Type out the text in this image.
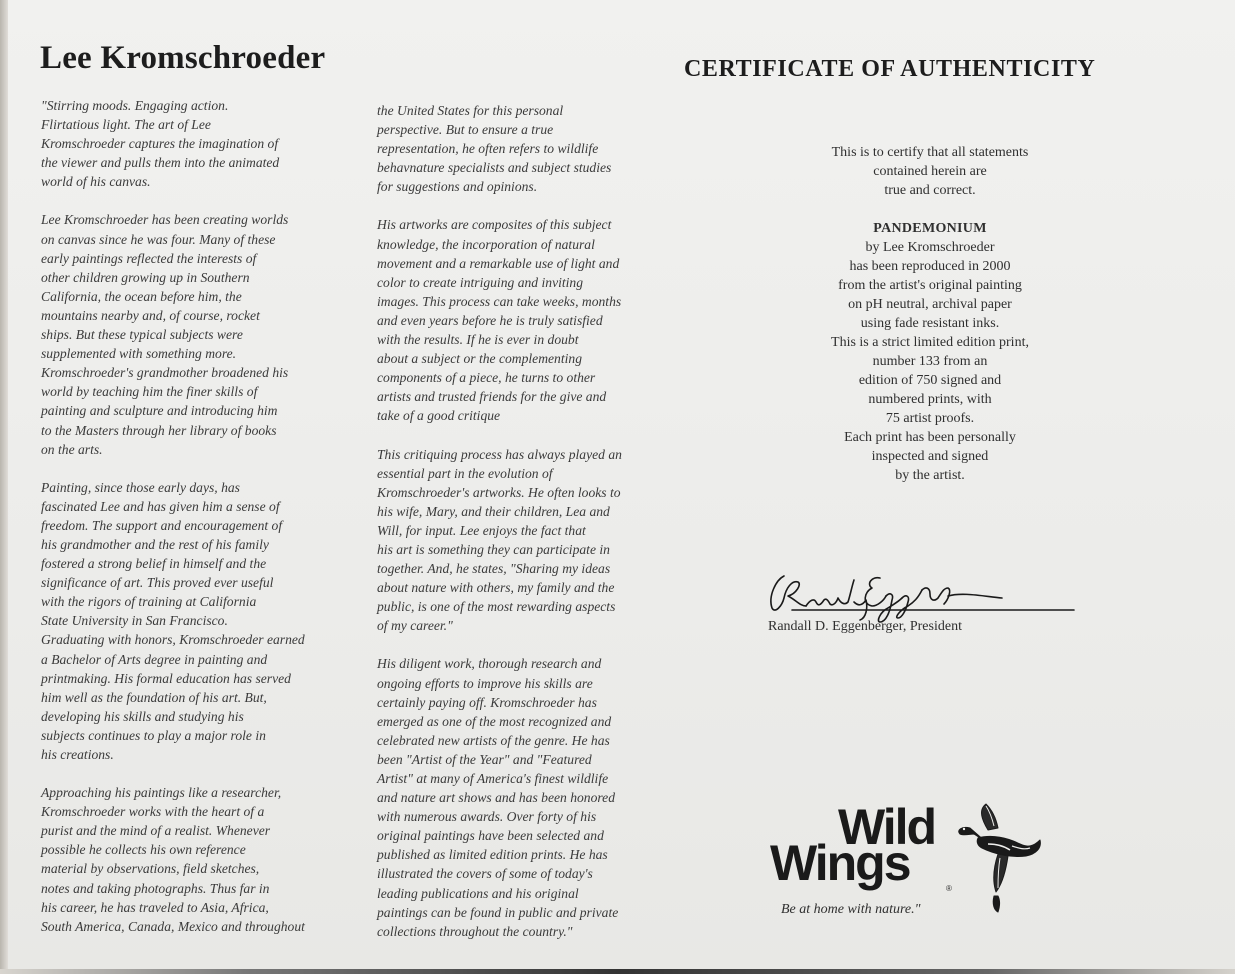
Lee Kromschroeder	CERTIFICATE OF AUTHENTICITY

"Stirring moods. Engaging action.
Flirtatious light. The art of Lee
Kromschroeder captures the imagination of
the viewer and pulls them into the animated
world of his canvas.

Lee Kromschroeder has been creating worlds
on canvas since he was four. Many of these
early paintings reflected the interests of
other children growing up in Southern
California, the ocean before him, the
mountains nearby and, of course, rocket
ships. But these typical subjects were
supplemented with something more.
Kromschroeder's grandmother broadened his
world by teaching him the finer skills of
painting and sculpture and introducing him
to the Masters through her library of books
on the arts.

Painting, since those early days, has
fascinated Lee and has given him a sense of
freedom. The support and encouragement of
his grandmother and the rest of his family
fostered a strong belief in himself and the
significance of art. This proved ever useful
with the rigors of training at California
State University in San Francisco.
Graduating with honors, Kromschroeder earned
a Bachelor of Arts degree in painting and
printmaking. His formal education has served
him well as the foundation of his art. But,
developing his skills and studying his
subjects continues to play a major role in
his creations.

Approaching his paintings like a researcher,
Kromschroeder works with the heart of a
purist and the mind of a realist. Whenever
possible he collects his own reference
material by observations, field sketches,
notes and taking photographs. Thus far in
his career, he has traveled to Asia, Africa,
South America, Canada, Mexico and throughout

the United States for this personal
perspective. But to ensure a true
representation, he often refers to wildlife
behavnature specialists and subject studies
for suggestions and opinions.

His artworks are composites of this subject
knowledge, the incorporation of natural
movement and a remarkable use of light and
color to create intriguing and inviting
images. This process can take weeks, months
and even years before he is truly satisfied
with the results. If he is ever in doubt
about a subject or the complementing
components of a piece, he turns to other
artists and trusted friends for the give and
take of a good critique

This critiquing process has always played an
essential part in the evolution of
Kromschroeder's artworks. He often looks to
his wife, Mary, and their children, Lea and
Will, for input. Lee enjoys the fact that
his art is something they can participate in
together. And, he states, "Sharing my ideas
about nature with others, my family and the
public, is one of the most rewarding aspects
of my career."

His diligent work, thorough research and
ongoing efforts to improve his skills are
certainly paying off. Kromschroeder has
emerged as one of the most recognized and
celebrated new artists of the genre. He has
been "Artist of the Year" and "Featured
Artist" at many of America's finest wildlife
and nature art shows and has been honored
with numerous awards. Over forty of his
original paintings have been selected and
published as limited edition prints. He has
illustrated the covers of some of today's
leading publications and his original
paintings can be found in public and private
collections throughout the country."

This is to certify that all statements
contained herein are
true and correct.
PANDEMONIUM
by Lee Kromschroeder
has been reproduced in 2000
from the artist's original painting
on pH neutral, archival paper
using fade resistant inks.
This is a strict limited edition print,
number 133 from an
edition of 750 signed and
numbered prints, with
75 artist proofs.
Each print has been personally
inspected and signed
by the artist.
Randall D. Eggenberger, President
Wild
Wings	®
Be at home with nature."
